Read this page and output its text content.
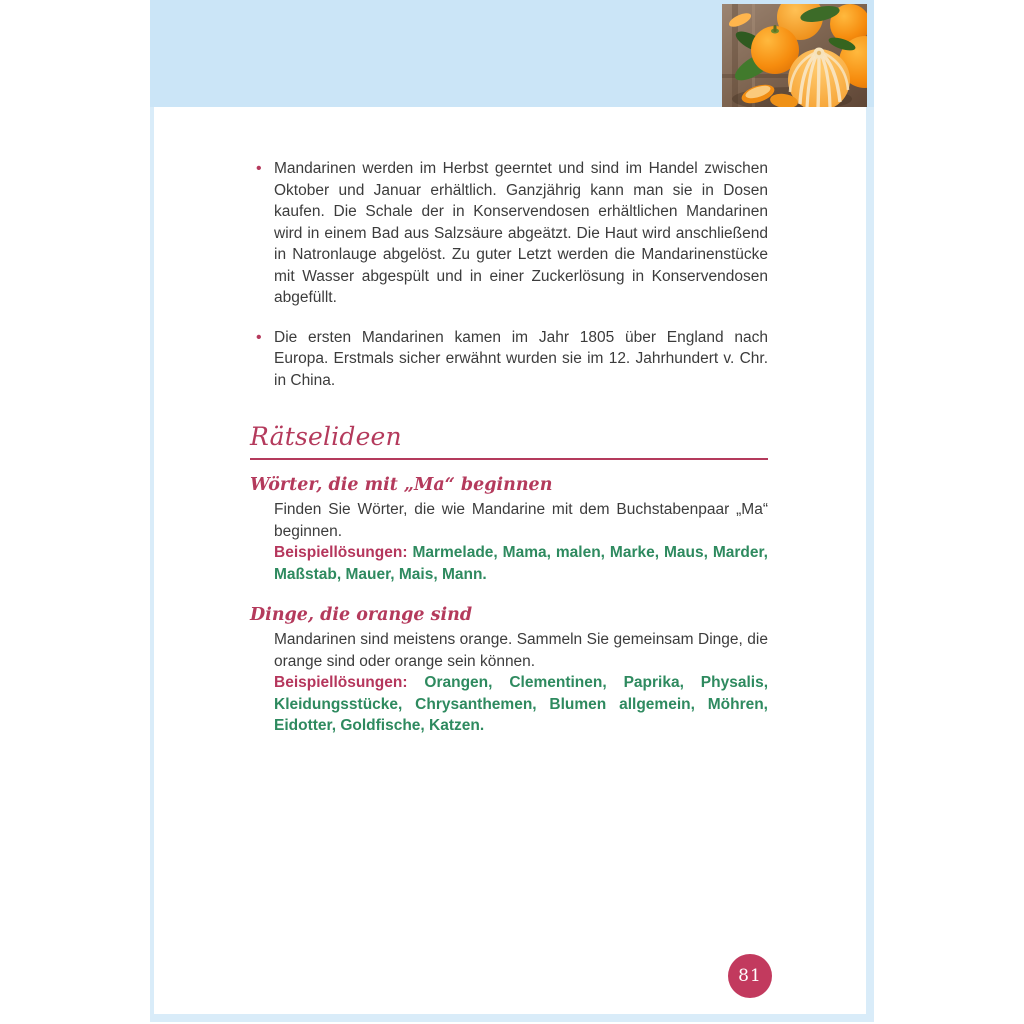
• Mandarinen werden im Herbst geerntet und sind im Handel zwischen Oktober und Januar erhältlich. Ganzjährig kann man sie in Dosen kaufen. Die Schale der in Konservendosen erhältlichen Mandarinen wird in einem Bad aus Salzsäure abgeätzt. Die Haut wird anschließend in Natronlauge abgelöst. Zu guter Letzt werden die Mandarinenstücke mit Wasser abgespült und in einer Zuckerlösung in Konservendosen abgefüllt.
• Die ersten Mandarinen kamen im Jahr 1805 über England nach Europa. Erstmals sicher erwähnt wurden sie im 12. Jahrhundert v. Chr. in China.
Rätselideen
Wörter, die mit „Ma“ beginnen

Finden Sie Wörter, die wie Mandarine mit dem Buchstabenpaar „Ma“ beginnen.

Beispiellösungen: Marmelade, Mama, malen, Marke, Maus, Marder, Maßstab, Mauer, Mais, Mann.

Dinge, die orange sind

Mandarinen sind meistens orange. Sammeln Sie gemeinsam Dinge, die orange sind oder orange sein können.

Beispiellösungen: Orangen, Clementinen, Paprika, Physalis, Kleidungsstücke, Chrysanthemen, Blumen allgemein, Möhren, Eidotter, Goldfische, Katzen.

81
